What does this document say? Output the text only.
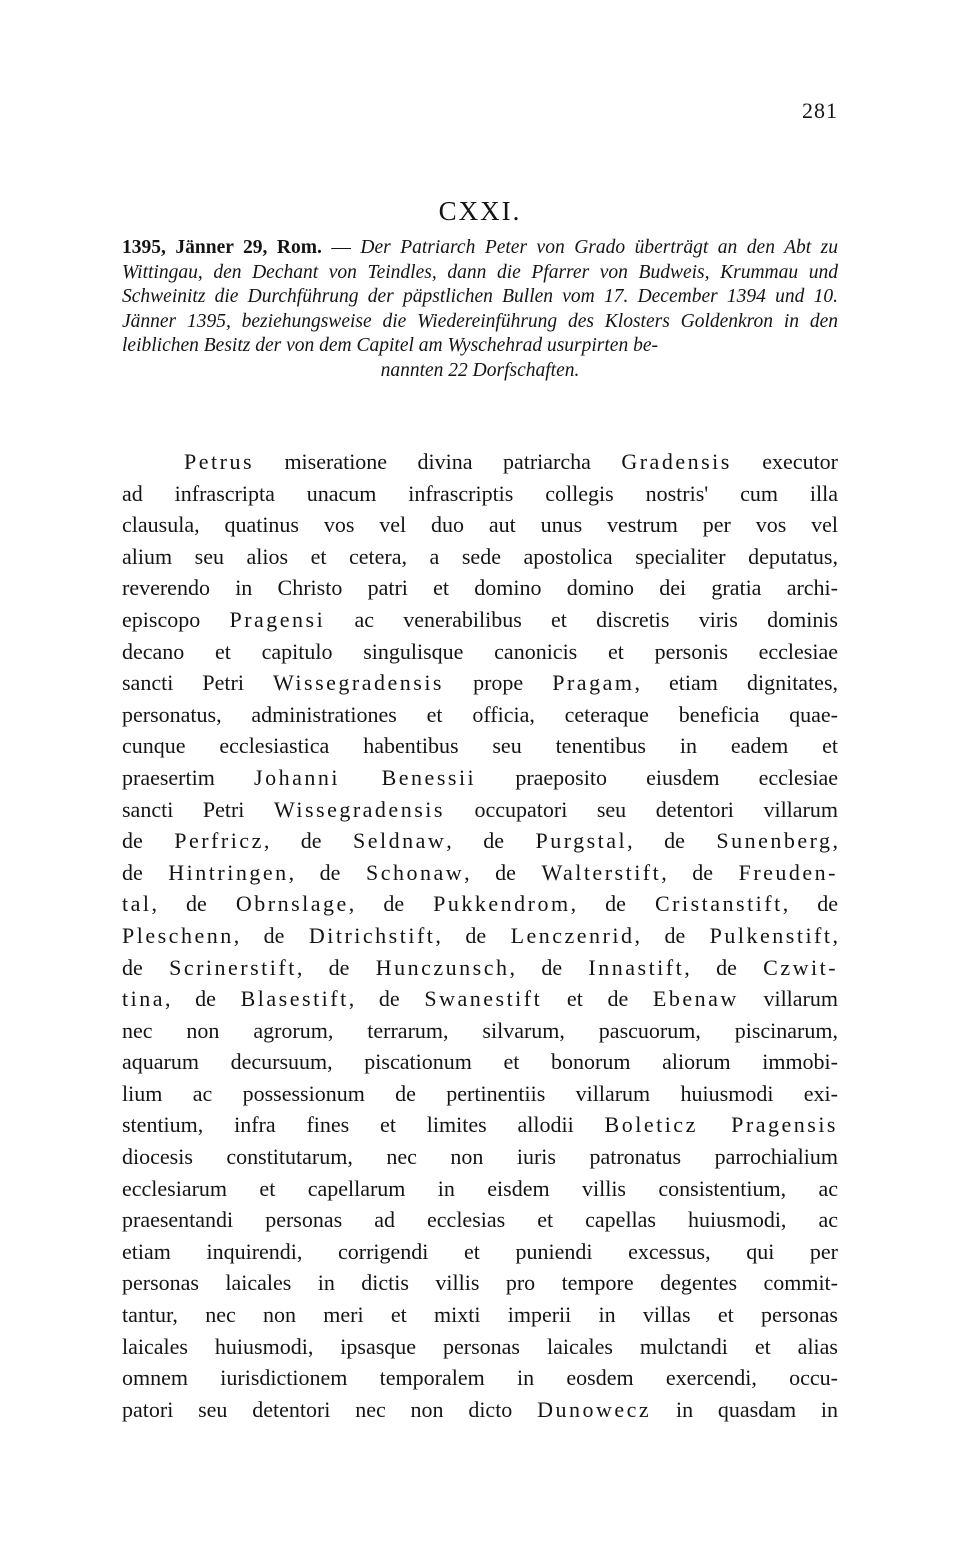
281
CXXI.
1395, Jänner 29, Rom. — Der Patriarch Peter von Grado überträgt an den Abt zu Wittingau, den Dechant von Teindles, dann die Pfarrer von Budweis, Krummau und Schweinitz die Durchführung der päpstlichen Bullen vom 17. December 1394 und 10. Jänner 1395, beziehungsweise die Wiedereinführung des Klosters Goldenkron in den leiblichen Besitz der von dem Capitel am Wyschehrad usurpirten be-
nannten 22 Dorfschaften.
Petrus miseratione divina patriarcha Gradensis executor
ad infrascripta unacum infrascriptis collegis nostris' cum illa
clausula, quatinus vos vel duo aut unus vestrum per vos vel
alium seu alios et cetera, a sede apostolica specialiter deputatus,
reverendo in Christo patri et domino domino dei gratia archi-
episcopo Pragensi ac venerabilibus et discretis viris dominis
decano et capitulo singulisque canonicis et personis ecclesiae
sancti Petri Wissegradensis prope Pragam, etiam dignitates,
personatus, administrationes et officia, ceteraque beneficia quae-
cunque ecclesiastica habentibus seu tenentibus in eadem et
praesertim Johanni Benessii praeposito eiusdem ecclesiae
sancti Petri Wissegradensis occupatori seu detentori villarum
de Perfricz, de Seldnaw, de Purgstal, de Sunenberg,
de Hintringen, de Schonaw, de Walterstift, de Freuden-
tal, de Obrnslage, de Pukkendrom, de Cristanstift, de
Pleschenn, de Ditrichstift, de Lenczenrid, de Pulkenstift,
de Scrinerstift, de Hunczunsch, de Innastift, de Czwit-
tina, de Blasestift, de Swanestift et de Ebenaw villarum
nec non agrorum, terrarum, silvarum, pascuorum, piscinarum,
aquarum decursuum, piscationum et bonorum aliorum immobi-
lium ac possessionum de pertinentiis villarum huiusmodi exi-
stentium, infra fines et limites allodii Boleticz Pragensis
diocesis constitutarum, nec non iuris patronatus parrochialium
ecclesiarum et capellarum in eisdem villis consistentium, ac
praesentandi personas ad ecclesias et capellas huiusmodi, ac
etiam inquirendi, corrigendi et puniendi excessus, qui per
personas laicales in dictis villis pro tempore degentes commit-
tantur, nec non meri et mixti imperii in villas et personas
laicales huiusmodi, ipsasque personas laicales mulctandi et alias
omnem iurisdictionem temporalem in eosdem exercendi, occu-
patori seu detentori nec non dicto Dunowecz in quasdam in
